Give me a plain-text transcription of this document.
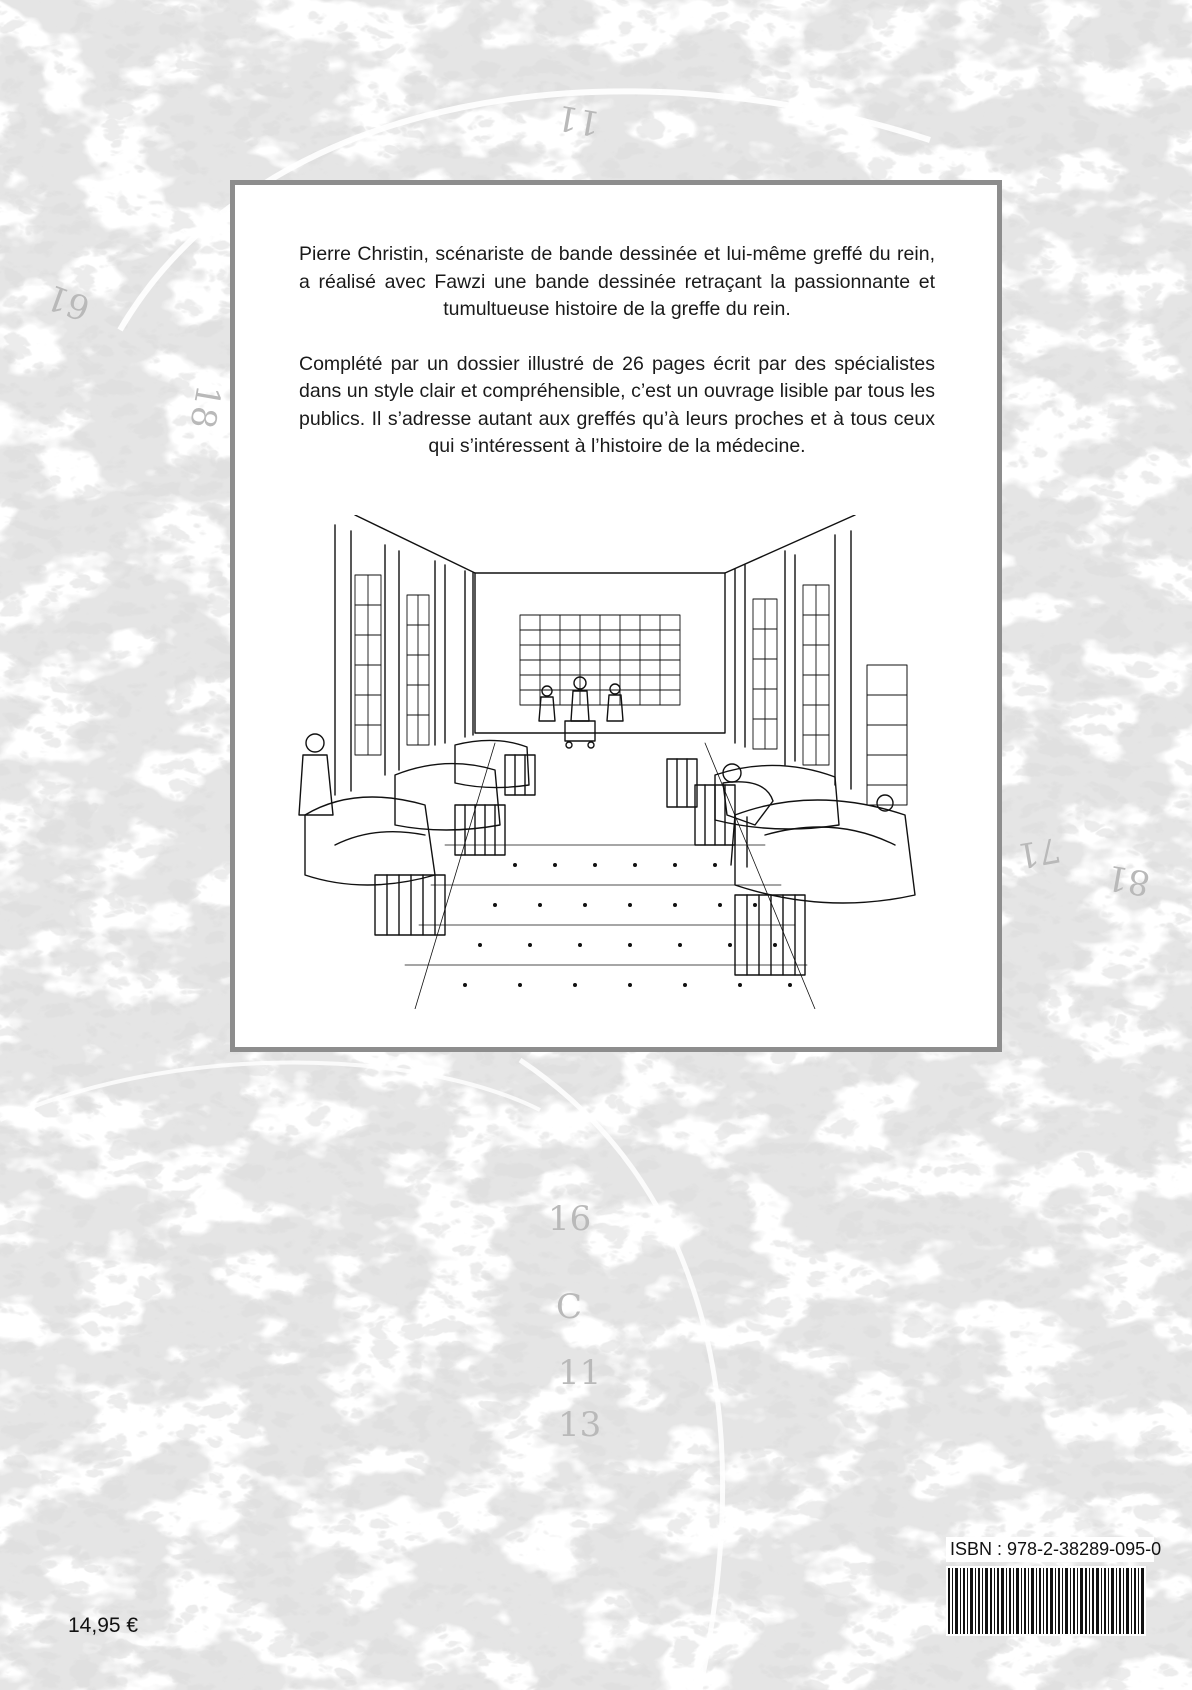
61
18
16
C
11
13
81
71
11

Pierre Christin, scénariste de bande dessinée et lui-même greffé du rein, a réalisé avec Fawzi une bande dessinée retraçant la passionnante et tumultueuse histoire de la greffe du rein.

Complété par un dossier illustré de 26 pages écrit par des spécialistes dans un style clair et compréhensible, c’est un ouvrage lisible par tous les publics. Il s’adresse autant aux greffés qu’à leurs proches et à tous ceux qui s’intéressent à l’histoire de la médecine.

ISBN : 978-2-38289-095-0
14,95 €
